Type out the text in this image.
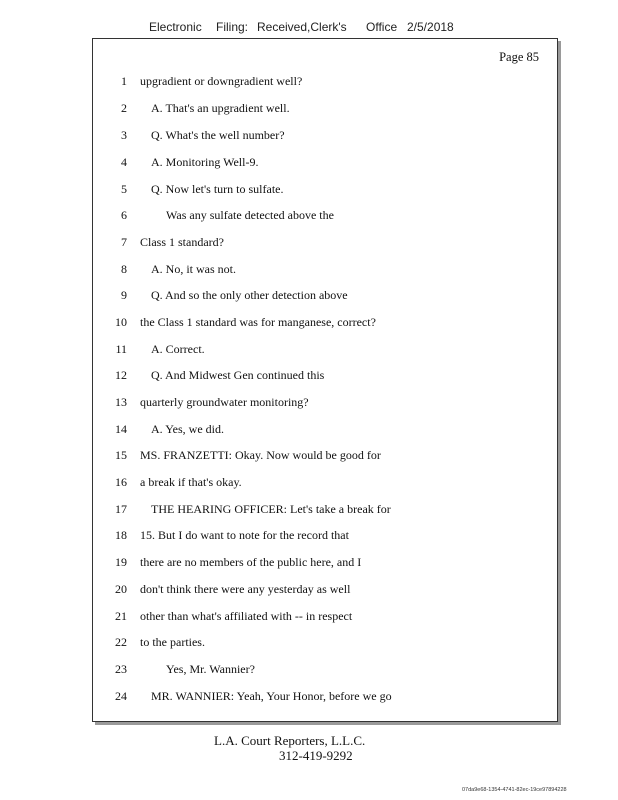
Electronic Filing: Received,Clerk's Office 2/5/2018
Page 85
1 upgradient or downgradient well?
2 A. That's an upgradient well.
3 Q. What's the well number?
4 A. Monitoring Well-9.
5 Q. Now let's turn to sulfate.
6	Was any sulfate detected above the
7 Class 1 standard?
8 A. No, it was not.
9 Q. And so the only other detection above
10 the Class 1 standard was for manganese, correct?
11 A. Correct.
12 Q. And Midwest Gen continued this
13 quarterly groundwater monitoring?
14 A. Yes, we did.
15 MS. FRANZETTI: Okay. Now would be good for
16 a break if that's okay.
17 THE HEARING OFFICER: Let's take a break for
18 15. But I do want to note for the record that
19 there are no members of the public here, and I
20 don't think there were any yesterday as well
21 other than what's affiliated with -- in respect
22 to the parties.
23	Yes, Mr. Wannier?
24 MR. WANNIER: Yeah, Your Honor, before we go
L.A. Court Reporters, L.L.C.
312-419-9292
07da9e68-1354-4741-82ec-19ce97894228
